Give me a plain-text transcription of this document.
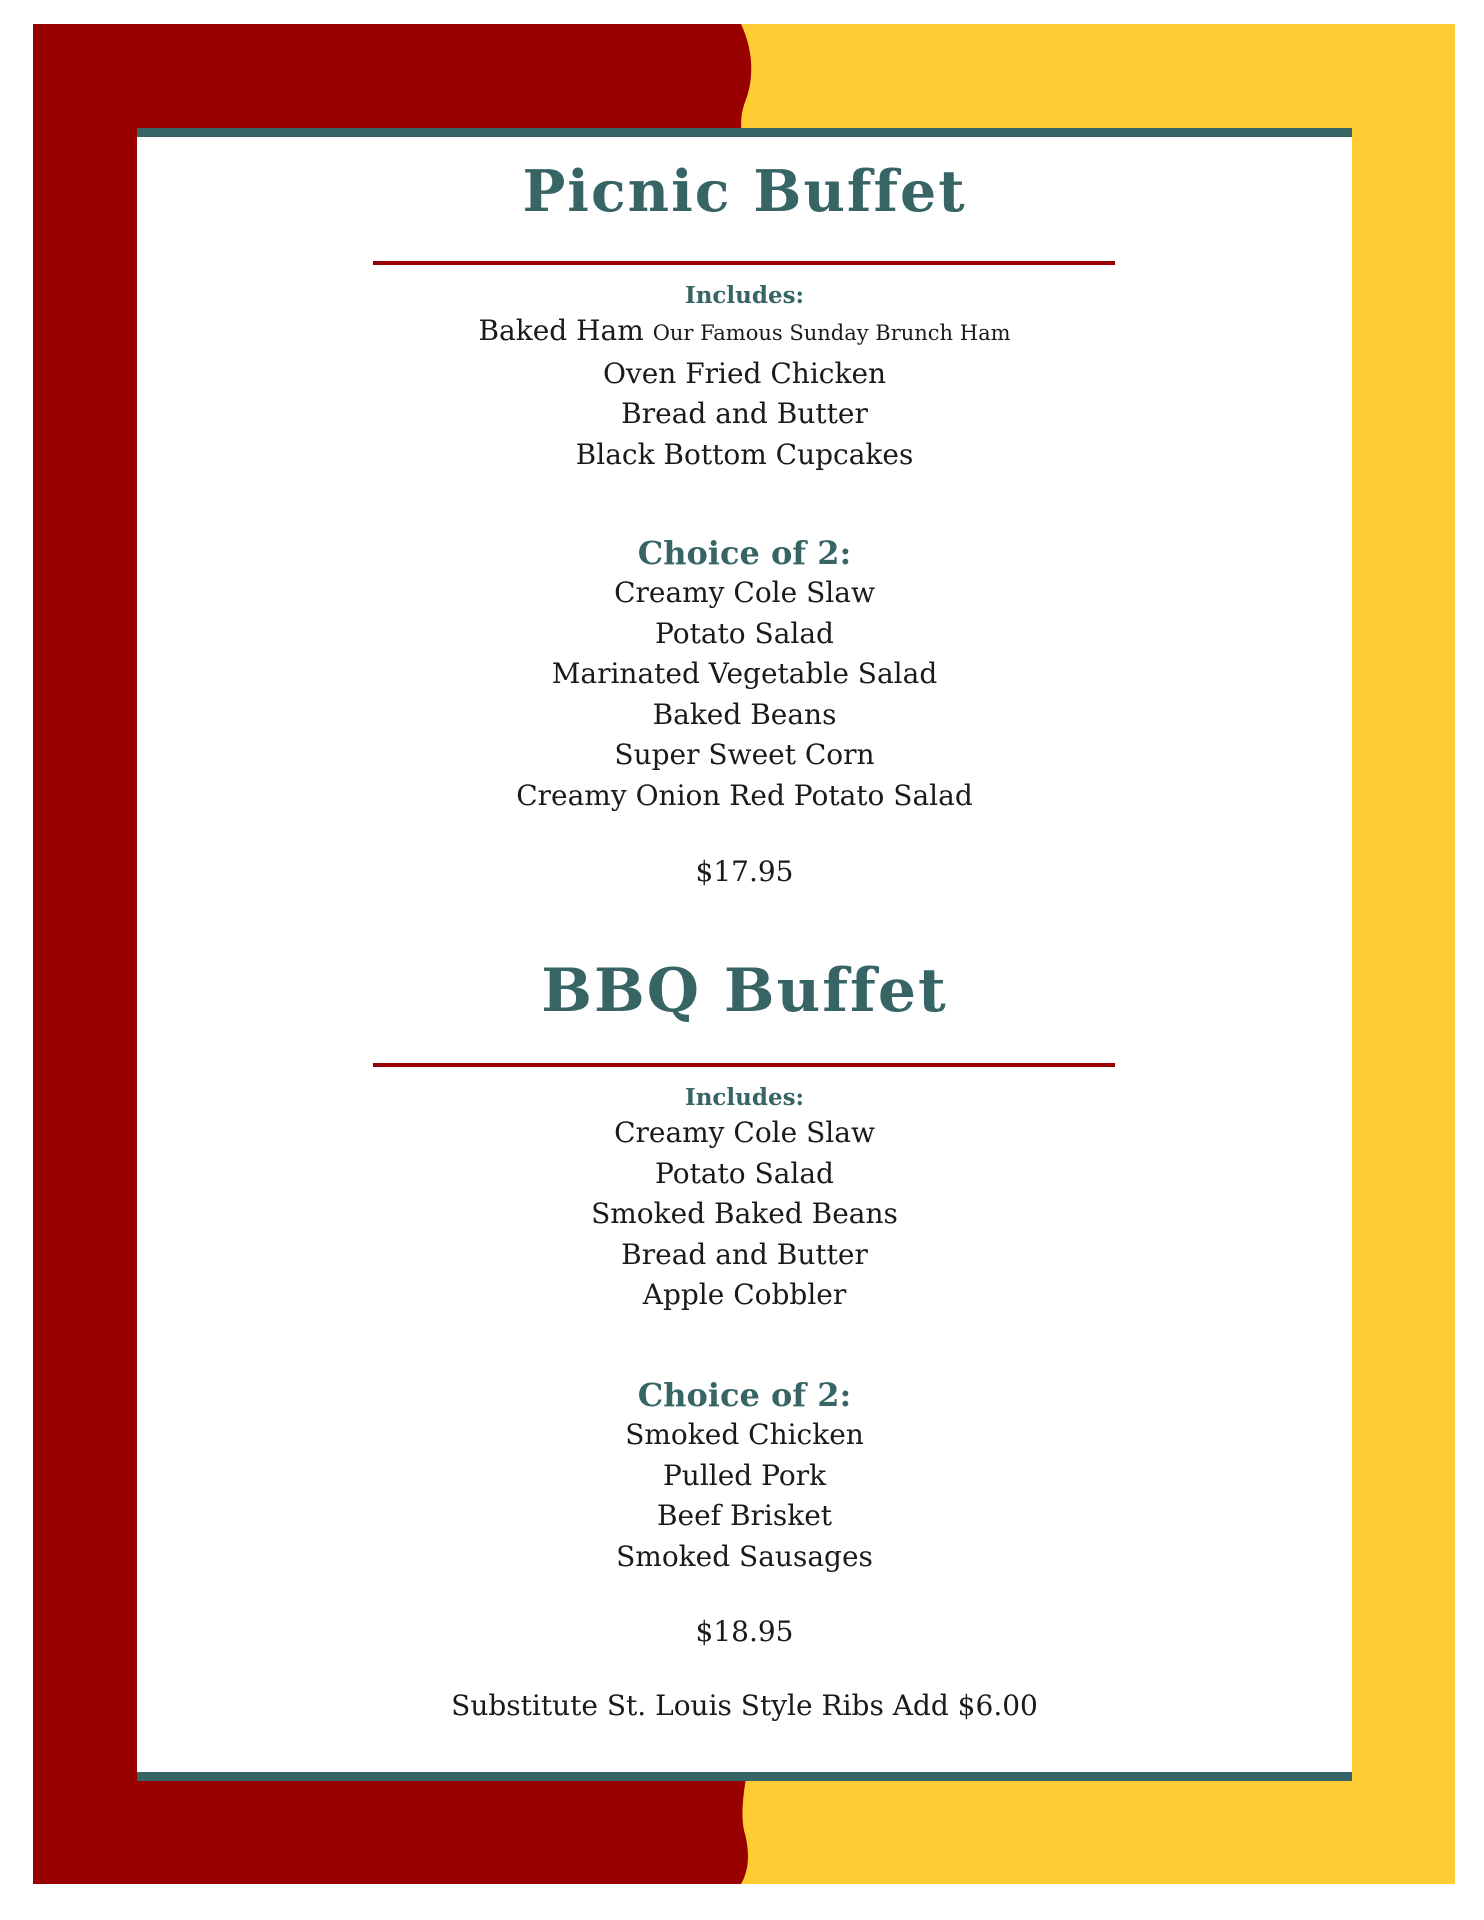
Picnic Buffet
Includes:
Baked Ham Our Famous Sunday Brunch Ham
Oven Fried Chicken
Bread and Butter
Black Bottom Cupcakes
Choice of 2:
Creamy Cole Slaw
Potato Salad
Marinated Vegetable Salad
Baked Beans
Super Sweet Corn
Creamy Onion Red Potato Salad
$17.95
BBQ Buffet
Includes:
Creamy Cole Slaw
Potato Salad
Smoked Baked Beans
Bread and Butter
Apple Cobbler
Choice of 2:
Smoked Chicken
Pulled Pork
Beef Brisket
Smoked Sausages
$18.95
Substitute St. Louis Style Ribs Add $6.00
